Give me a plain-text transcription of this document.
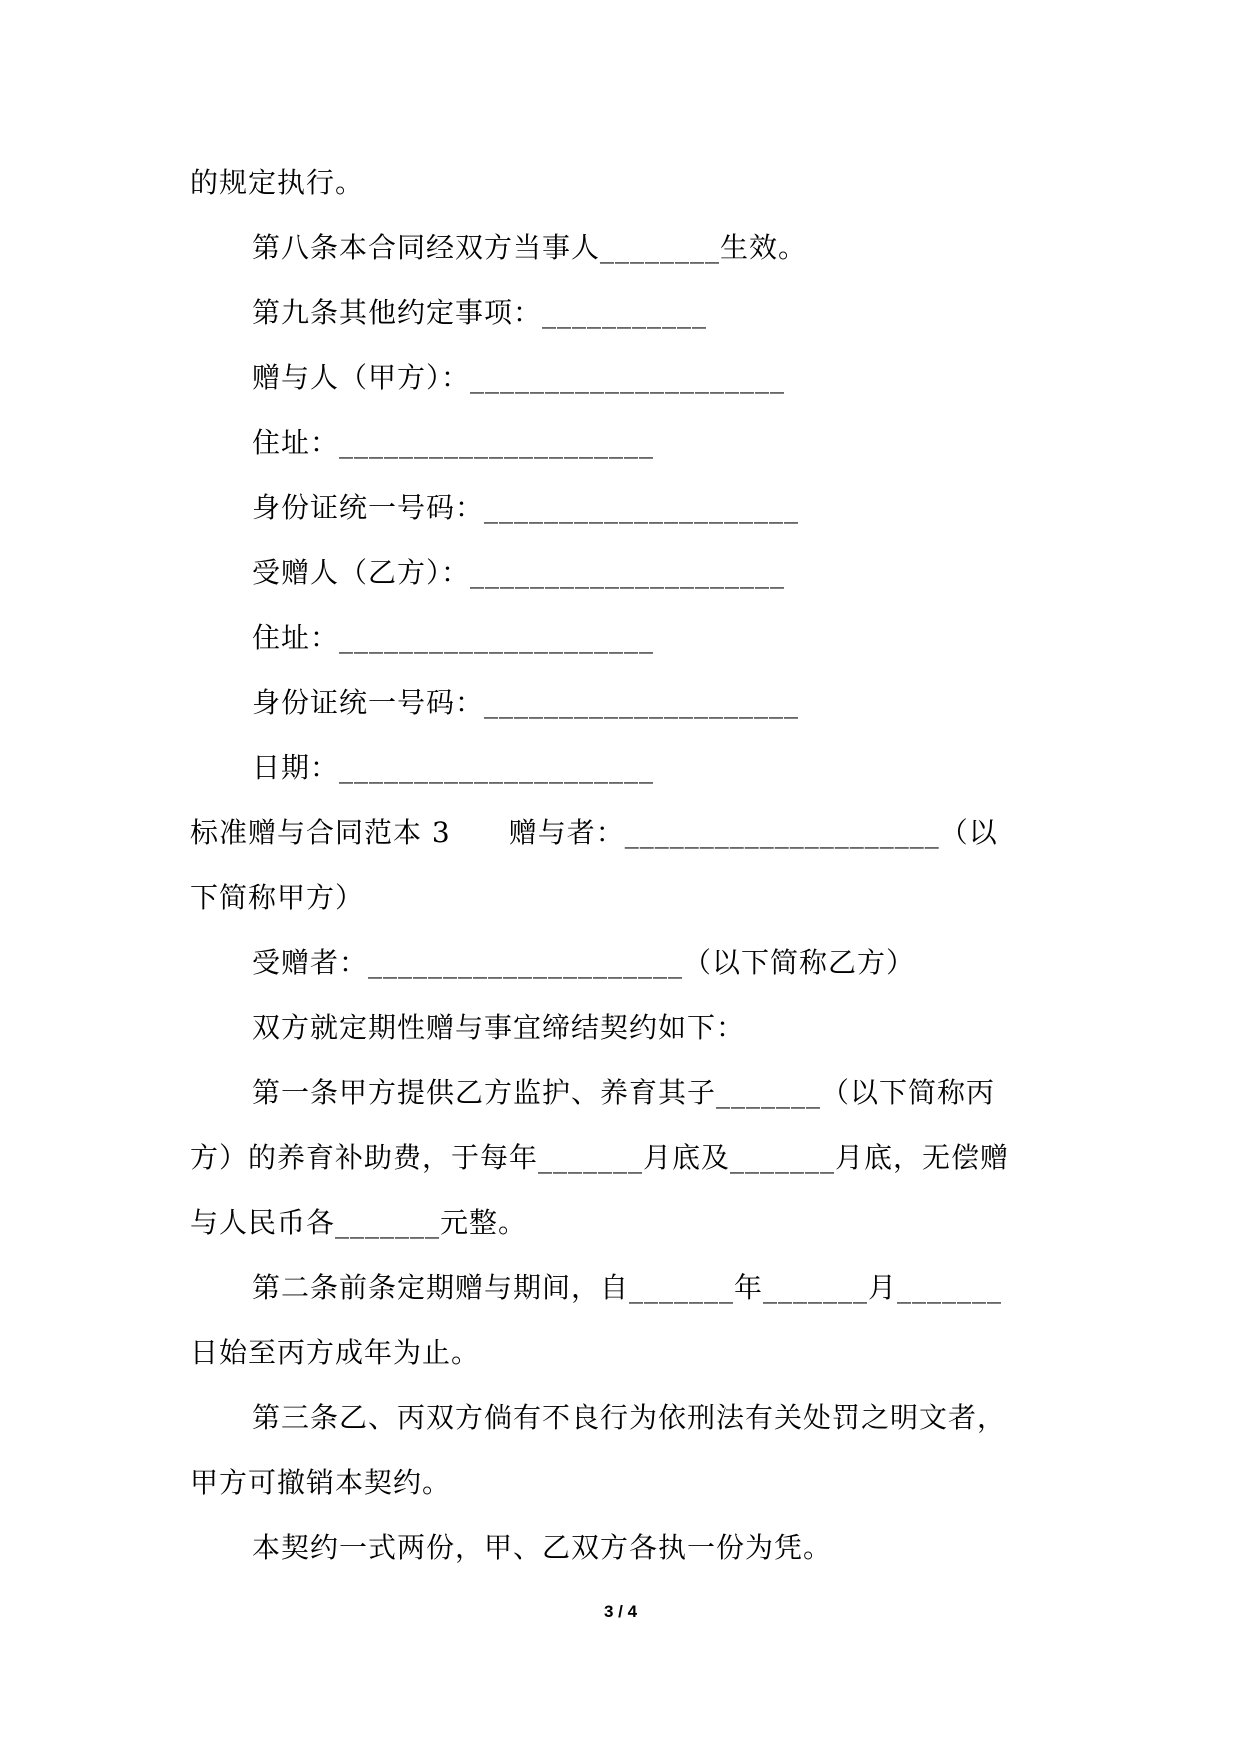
的规定执行。
第八条本合同经双方当事人________生效。
第九条其他约定事项：___________
赠与人（甲方）：_____________________
住址：_____________________
身份证统一号码：_____________________
受赠人（乙方）：_____________________
住址：_____________________
身份证统一号码：_____________________
日期：_____________________
标准赠与合同范本 3　　赠与者：_____________________（以
下简称甲方）
受赠者：_____________________（以下简称乙方）
双方就定期性赠与事宜缔结契约如下：
第一条甲方提供乙方监护、养育其子_______（以下简称丙
方）的养育补助费，于每年_______月底及_______月底，无偿赠
与人民币各_______元整。
第二条前条定期赠与期间，自_______年_______月_______
日始至丙方成年为止。
第三条乙、丙双方倘有不良行为依刑法有关处罚之明文者，
甲方可撤销本契约。
本契约一式两份，甲、乙双方各执一份为凭。
3 / 4
